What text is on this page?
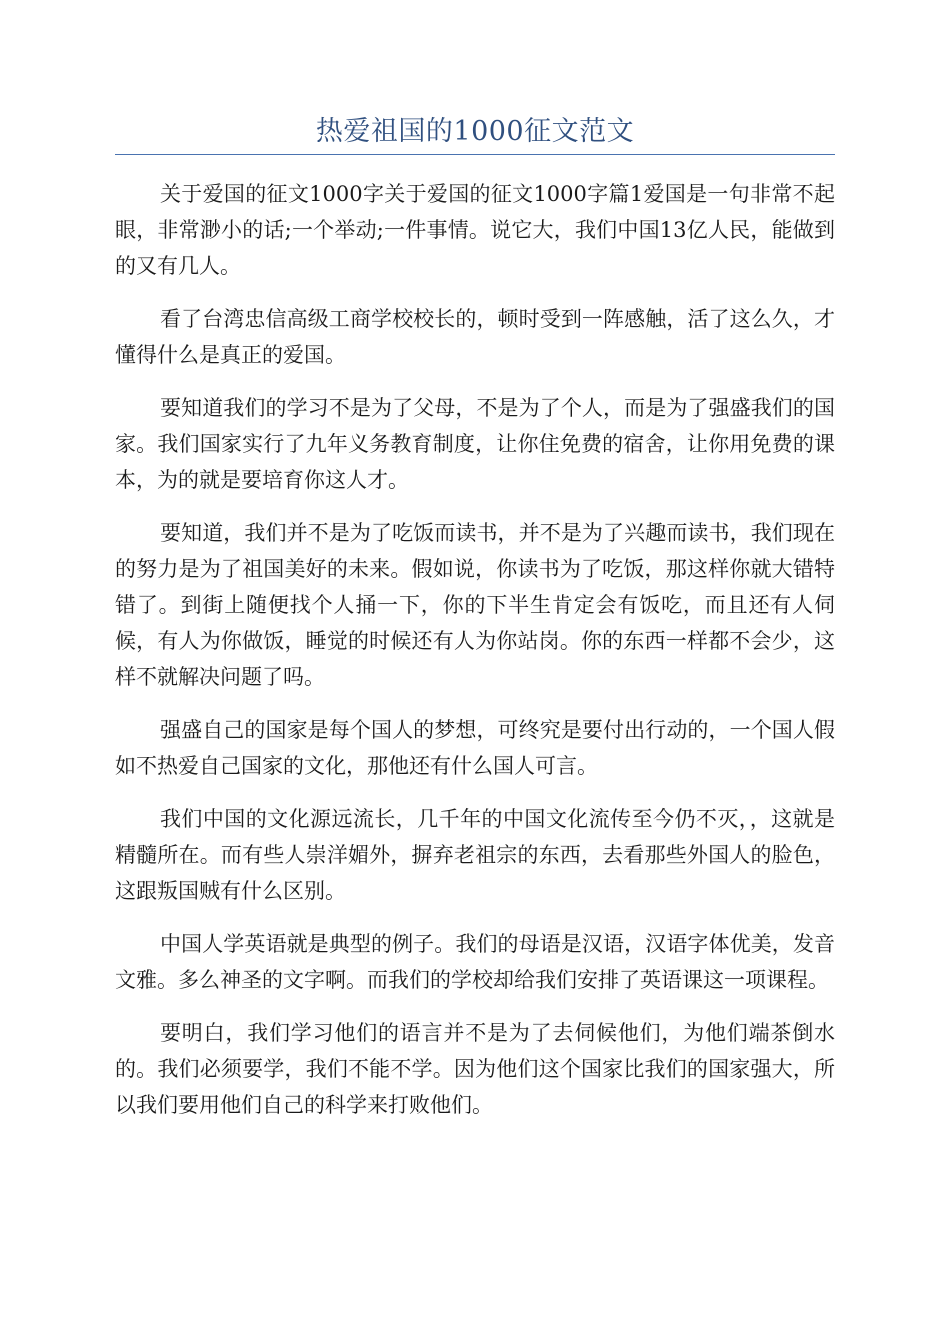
热爱祖国的1000征文范文

关于爱国的征文1000字关于爱国的征文1000字篇1爱国是一句非常不起眼，非常渺小的话;一个举动;一件事情。说它大，我们中国13亿人民，能做到的又有几人。

看了台湾忠信高级工商学校校长的，顿时受到一阵感触，活了这么久，才懂得什么是真正的爱国。

要知道我们的学习不是为了父母，不是为了个人，而是为了强盛我们的国家。我们国家实行了九年义务教育制度，让你住免费的宿舍，让你用免费的课本，为的就是要培育你这人才。

要知道，我们并不是为了吃饭而读书，并不是为了兴趣而读书，我们现在的努力是为了祖国美好的未来。假如说，你读书为了吃饭，那这样你就大错特错了。到街上随便找个人捅一下，你的下半生肯定会有饭吃，而且还有人伺候，有人为你做饭，睡觉的时候还有人为你站岗。你的东西一样都不会少，这样不就解决问题了吗。

强盛自己的国家是每个国人的梦想，可终究是要付出行动的，一个国人假如不热爱自己国家的文化，那他还有什么国人可言。

我们中国的文化源远流长，几千年的中国文化流传至今仍不灭，，这就是精髓所在。而有些人崇洋媚外，摒弃老祖宗的东西，去看那些外国人的脸色，这跟叛国贼有什么区别。

中国人学英语就是典型的例子。我们的母语是汉语，汉语字体优美，发音文雅。多么神圣的文字啊。而我们的学校却给我们安排了英语课这一项课程。

要明白，我们学习他们的语言并不是为了去伺候他们，为他们端茶倒水的。我们必须要学，我们不能不学。因为他们这个国家比我们的国家强大，所以我们要用他们自己的科学来打败他们。
